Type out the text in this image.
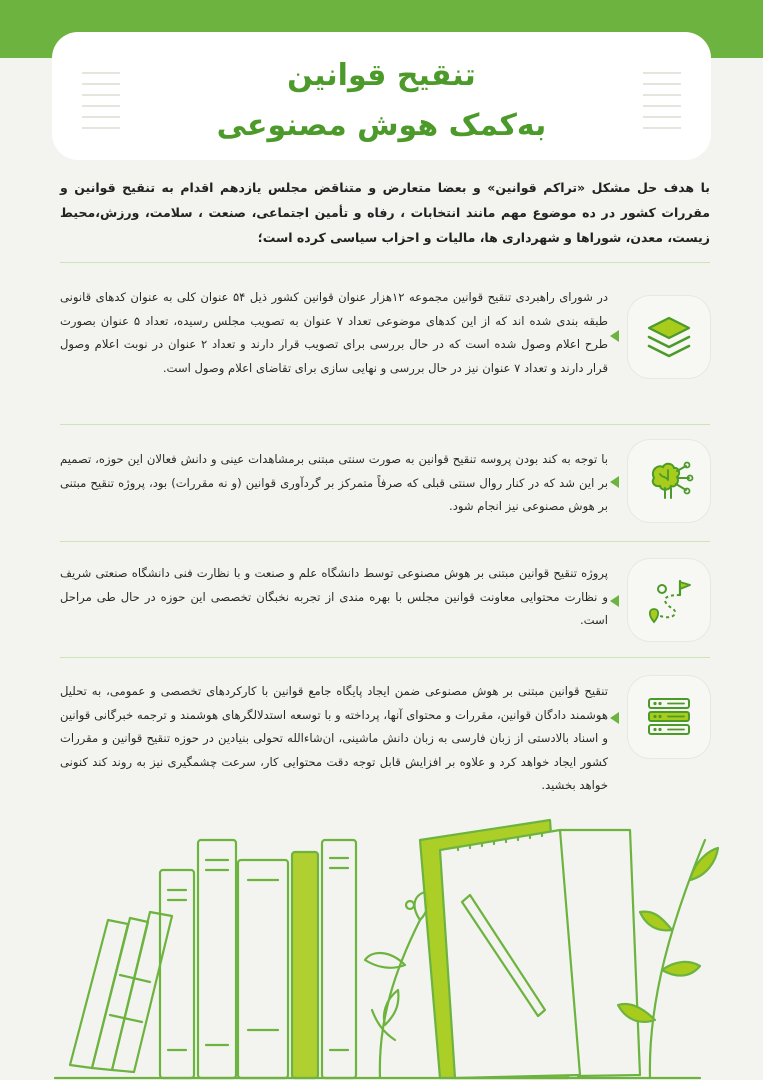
تنقیح قوانین
به‌کمک هوش مصنوعی
با هدف حل مشکل «تراکم قوانین» و بعضا متعارض و متناقض مجلس یازدهم اقدام به تنقیح قوانین و مقررات کشور در ده موضوع مهم مانند انتخابات ، رفاه و تأمین اجتماعی، صنعت ، سلامت، ورزش،محیط زیست، معدن، شوراها و شهرداری ها، مالیات و احزاب سیاسی کرده است؛
در شورای راهبردی تنقیح قوانین مجموعه ۱۲هزار عنوان قوانین کشور ذیل ۵۴ عنوان کلی به عنوان کدهای قانونی طبقه بندی شده اند که از این کدهای موضوعی تعداد ۷ عنوان به تصویب مجلس رسیده، تعداد ۵ عنوان بصورت طرح اعلام وصول شده است که در حال بررسی برای تصویب قرار دارند و تعداد ۲ عنوان در نوبت اعلام وصول قرار دارند و تعداد ۷ عنوان نیز در حال بررسی و نهایی سازی برای تقاضای اعلام وصول است.
با توجه به کند بودن پروسه تنقیح قوانین به صورت سنتی مبتنی برمشاهدات عینی و دانش فعالان این حوزه، تصمیم بر این شد که در کنار روال سنتی قبلی که صرفاً متمرکز بر گردآوری قوانین (و نه مقررات) بود، پروژه تنقیح مبتنی بر هوش مصنوعی نیز انجام شود.
پروژه تنقیح قوانین مبتنی بر هوش مصنوعی توسط دانشگاه علم و صنعت و با نظارت فنی دانشگاه صنعتی شریف و نظارت محتوایی معاونت قوانین مجلس با بهره مندی از تجربه نخبگان تخصصی این حوزه در حال طی مراحل است.
تنقیح قوانین مبتنی بر هوش مصنوعی ضمن ایجاد پایگاه جامع قوانین با کارکردهای تخصصی و عمومی، به تحلیل هوشمند دادگان قوانین، مقررات و محتوای آنها، پرداخته و با توسعه استدلالگرهای هوشمند و ترجمه خبرگانی قوانین و اسناد بالادستی از زبان فارسی به زبان دانش ماشینی، ان‌شاءالله تحولی بنیادین در حوزه تنقیح قوانین و مقررات کشور ایجاد خواهد کرد و علاوه بر افزایش قابل توجه دقت محتوایی کار، سرعت چشمگیری نیز به روند کند کنونی خواهد بخشید.
